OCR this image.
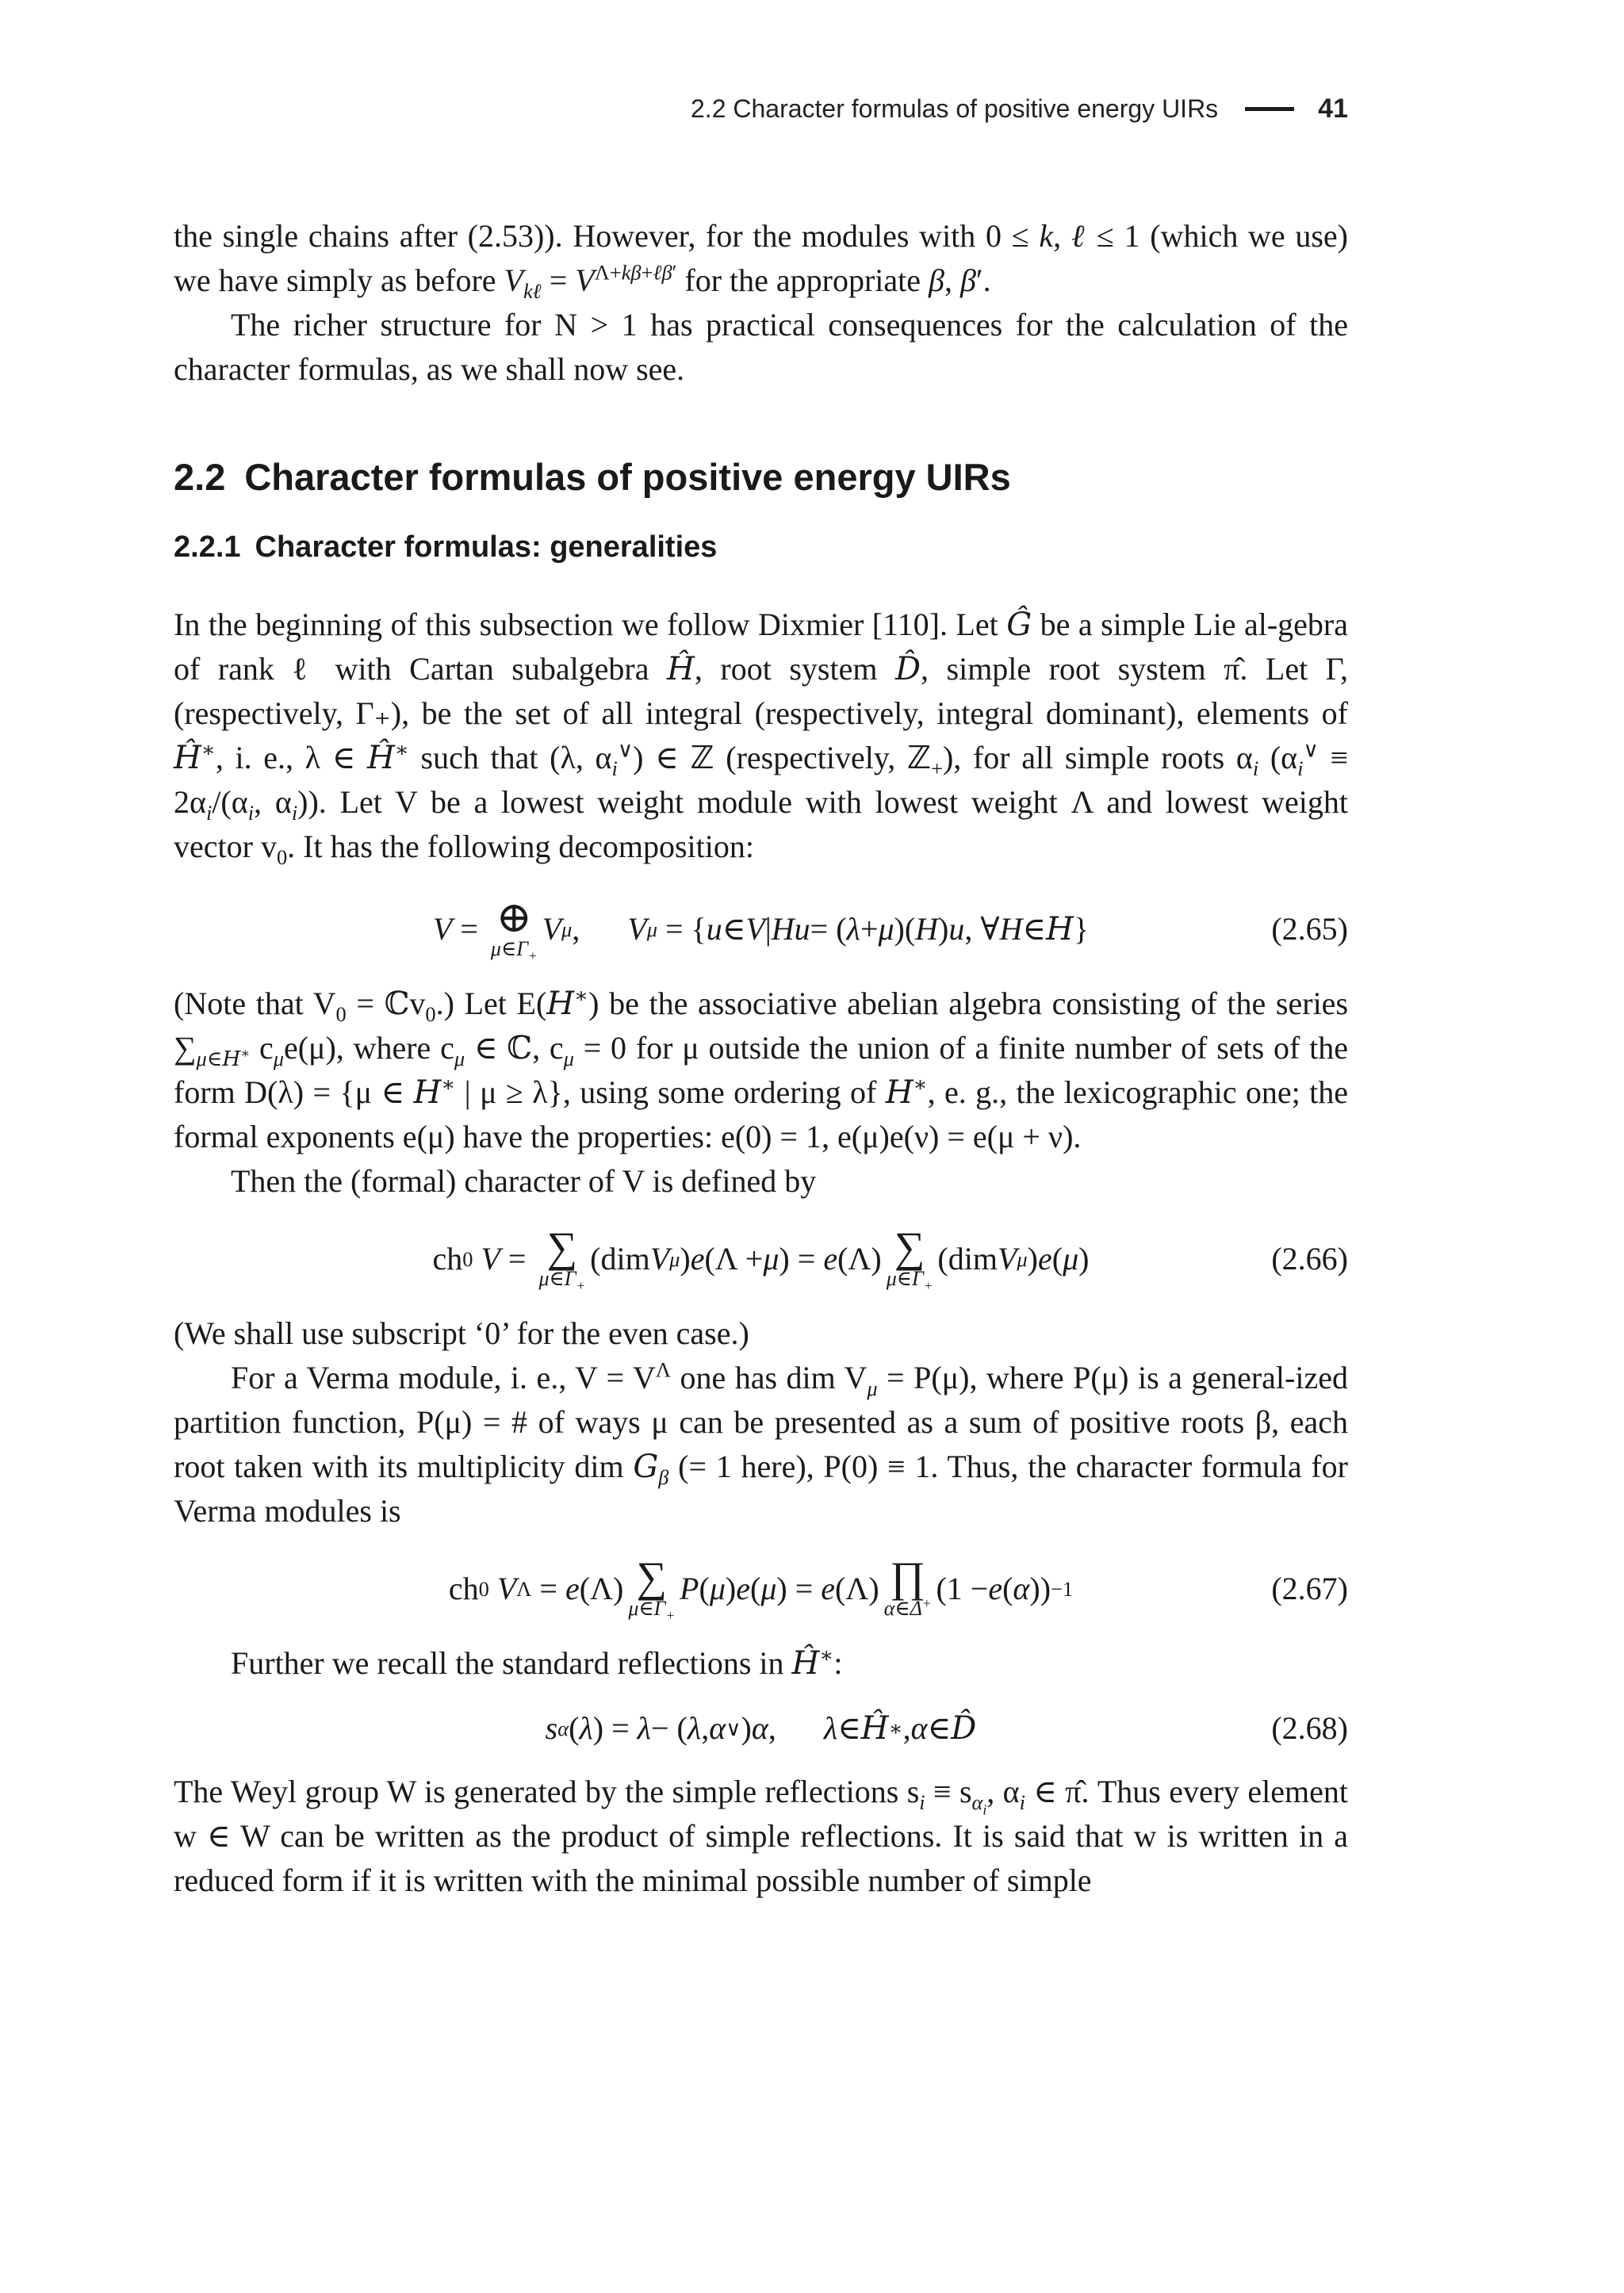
2.2 Character formulas of positive energy UIRs	41

the single chains after (2.53)). However, for the modules with 0 ≤ k, ℓ ≤ 1 (which we use) we have simply as before $V_{k\ell} = V^{\Lambda+k\beta+\ell\beta'}$ for the appropriate β, β′.

The richer structure for N > 1 has practical consequences for the calculation of the character formulas, as we shall now see.

2.2 Character formulas of positive energy UIRs
2.2.1 Character formulas: generalities

In the beginning of this subsection we follow Dixmier [110]. Let Ĝ be a simple Lie al-gebra of rank ℓ with Cartan subalgebra Ĥ, root system D̂, simple root system π̂. Let Γ, (respectively, Γ₊), be the set of all integral (respectively, integral dominant), elements of Ĥ∗, i. e., λ ∈ Ĥ∗ such that (λ, $\alpha_i^\vee$) ∈ ℤ (respectively, ℤ$_+$), for all simple roots $\alpha_i$ ($\alpha_i^\vee \equiv 2\alpha_i/(\alpha_i$, $\alpha_i$)). Let V be a lowest weight module with lowest weight Λ and lowest weight vector $v_0$. It has the following decomposition:

V = ⊕
$\mu\in\Gamma_+$
V μ , V μ = { u ∈ V | Hu = ( λ + μ )( H ) u , ∀ H ∈ H }	(2.65)

(Note that $V_0$ = ℂv$_0$.) Let E(H∗) be the associative abelian algebra consisting of the series $\sum_{\mu\in H^∗}$ $c_\mu e(\mu)$, where $c_\mu$ ∈ ℂ, $c_\mu = 0$ for μ outside the union of a finite number of sets of the form D(λ) = {μ ∈ H∗ | μ ≥ λ}, using some ordering of H∗, e. g., the lexicographic one; the formal exponents e(μ) have the properties: e(0) = 1, e(μ)e(ν) = e(μ + ν).

Then the (formal) character of V is defined by

ch 0
V = ∑
$\mu\in\Gamma_+$
(dim V μ ) e (Λ + μ ) = e (Λ) ∑
$\mu\in\Gamma_+$
(dim V μ ) e ( μ )	(2.66)

(We shall use subscript ‘0’ for the even case.)

For a Verma module, i. e., $V = V^\Lambda$ one has dim $V_\mu = P(\mu)$, where P(μ) is a general-ized partition function, P(μ) = # of ways μ can be presented as a sum of positive roots β, each root taken with its multiplicity dim $G_\beta$ (= 1 here), P(0) ≡ 1. Thus, the character formula for Verma modules is

ch 0
V Λ = e (Λ) ∑
$\mu\in\Gamma_+$
P ( μ ) e ( μ ) = e (Λ) ∏
α∈Δ+ (1 − e ( α )) −1	(2.67)

Further we recall the standard reflections in Ĥ∗:

s α ( λ ) = λ − ( λ , α ∨ ) α , λ ∈ Ĥ ∗ , α ∈ D̂	(2.68)

The Weyl group W is generated by the simple reflections $s_i \equiv s_{\alpha_i}$, $\alpha_i$ ∈ π̂. Thus every element w ∈ W can be written as the product of simple reflections. It is said that w is written in a reduced form if it is written with the minimal possible number of simple
